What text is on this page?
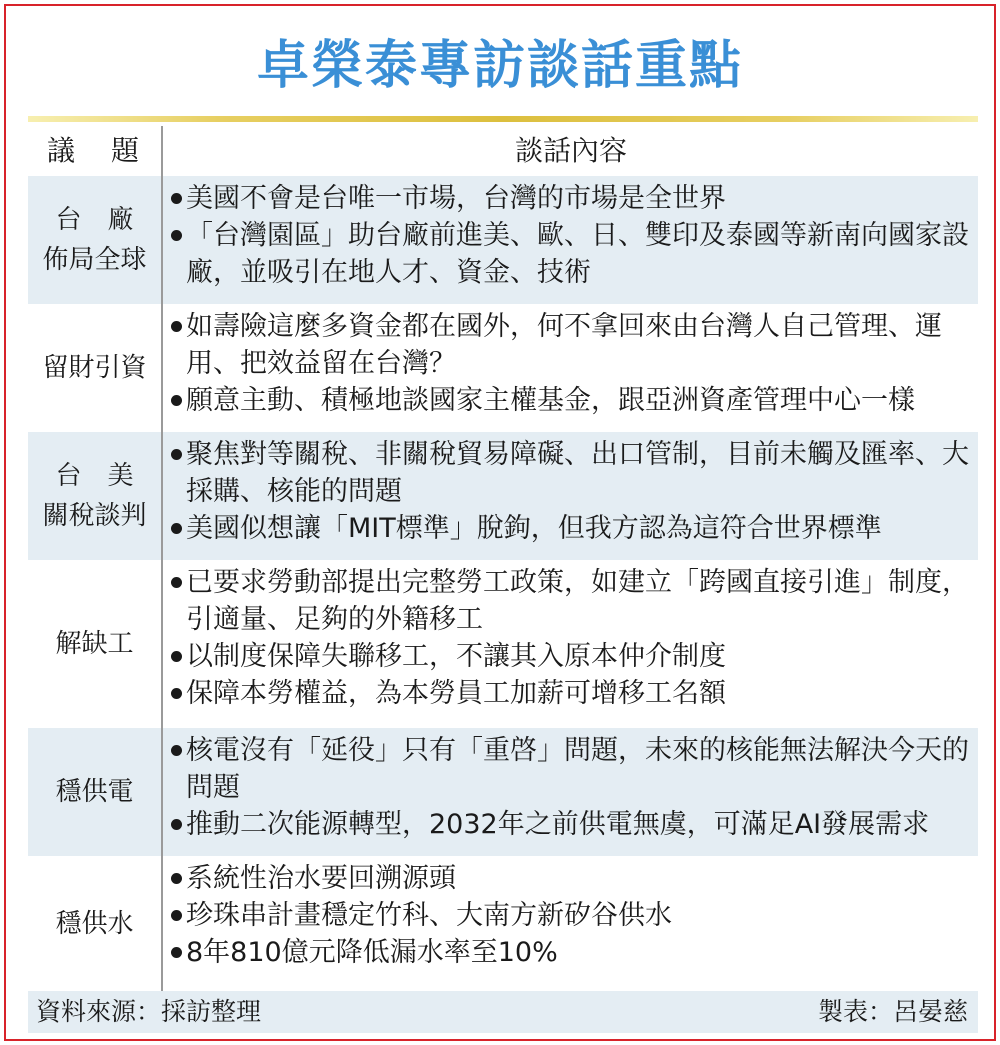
卓榮泰專訪談話重點
議　題	談話內容
台　廠
佈局全球
美國不會是台唯一市場，台灣的市場是全世界
「台灣園區」助台廠前進美、歐、日、雙印及泰國等新南向國家設廠，並吸引在地人才、資金、技術
留財引資
如壽險這麼多資金都在國外，何不拿回來由台灣人自己管理、運用、把效益留在台灣？
願意主動、積極地談國家主權基金，跟亞洲資產管理中心一樣
台　美
關稅談判
聚焦對等關稅、非關稅貿易障礙、出口管制，目前未觸及匯率、大採購、核能的問題
美國似想讓「MIT標準」脫鉤，但我方認為這符合世界標準
解缺工
已要求勞動部提出完整勞工政策，如建立「跨國直接引進」制度，引適量、足夠的外籍移工
以制度保障失聯移工，不讓其入原本仲介制度
保障本勞權益，為本勞員工加薪可增移工名額
穩供電
核電沒有「延役」只有「重啓」問題，未來的核能無法解決今天的問題
推動二次能源轉型，2032年之前供電無虞，可滿足AI發展需求
穩供水
系統性治水要回溯源頭
珍珠串計畫穩定竹科、大南方新矽谷供水
8年810億元降低漏水率至10%
資料來源：採訪整理	製表：呂晏慈
